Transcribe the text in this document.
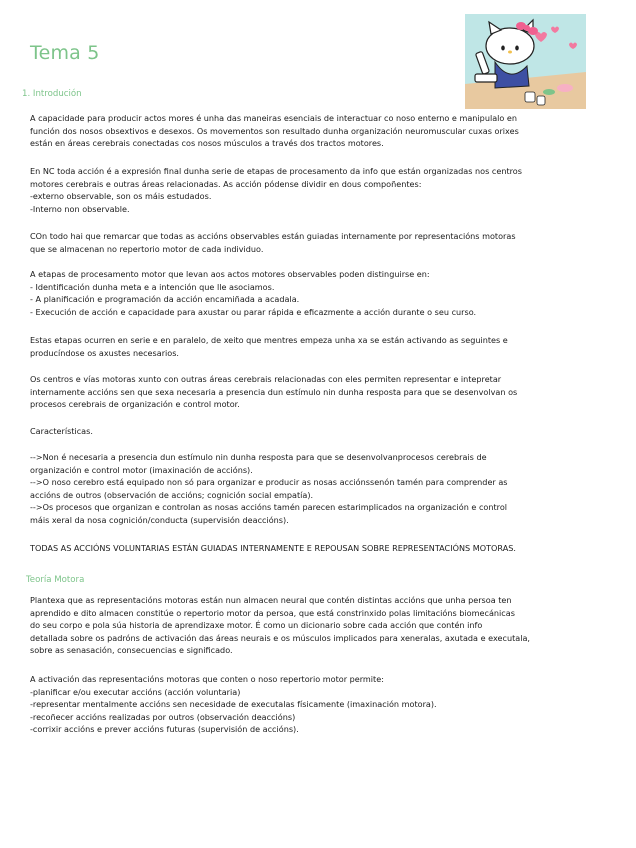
Tema 5
1. Introdución
A capacidade para producir actos mores é unha das maneiras esenciais de interactuar co noso enterno e manipulalo en
función dos nosos obsextivos e desexos. Os movementos son resultado dunha organización neuromuscular cuxas orixes
están en áreas cerebrais conectadas cos nosos músculos a través dos tractos motores.
En NC toda acción é a expresión final dunha serie de etapas de procesamento da info que están organizadas nos centros
motores cerebrais e outras áreas relacionadas. As acción pódense dividir en dous compoñentes:
-externo observable, son os máis estudados.
-Interno non observable.
COn todo hai que remarcar que todas as accións observables están guiadas internamente por representacións motoras
que se almacenan no repertorio motor de cada individuo.
A etapas de procesamento motor que levan aos actos motores observables poden distinguirse en:
- Identificación dunha meta e a intención que lle asociamos.
- A planificación e programación da acción encamiñada a acadala.
- Execución de acción e capacidade para axustar ou parar rápida e eficazmente a acción durante o seu curso.
Estas etapas ocurren en serie e en paralelo, de xeito que mentres empeza unha xa se están activando as seguintes e
producíndose os axustes necesarios.
Os centros e vías motoras xunto con outras áreas cerebrais relacionadas con eles permiten representar e intepretar
internamente accións sen que sexa necesaria a presencia dun estímulo nin dunha resposta para que se desenvolvan os
procesos cerebrais de organización e control motor.
Características.
-->Non é necesaria a presencia dun estímulo nin dunha resposta para que se desenvolvanprocesos cerebrais de
organización e control motor (imaxinación de accións).
-->O noso cerebro está equipado non só para organizar e producir as nosas acciónssenón tamén para comprender as
accións de outros (observación de accións; cognición social empatía).
-->Os procesos que organizan e controlan as nosas accións tamén parecen estarimplicados na organización e control
máis xeral da nosa cognición/conducta (supervisión deaccións).
TODAS AS ACCIÓNS VOLUNTARIAS ESTÁN GUIADAS INTERNAMENTE E REPOUSAN SOBRE REPRESENTACIÓNS MOTORAS.
Teoría Motora
Plantexa que as representacións motoras están nun almacen neural que contén distintas accións que unha persoa ten
aprendido e dito almacen constitúe o repertorio motor da persoa, que está constrinxido polas limitacións biomecánicas
do seu corpo e pola súa historia de aprendizaxe motor. É como un dicionario sobre cada acción que contén info
detallada sobre os padróns de activación das áreas neurais e os músculos implicados para xeneralas, axutada e executala,
sobre as senasación, consecuencias e significado.
A activación das representacións motoras que conten o noso repertorio motor permite:
-planificar e/ou executar accións (acción voluntaria)
-representar mentalmente accións sen necesidade de executalas físicamente (imaxinación motora).
-recoñecer accións realizadas por outros (observación deaccións)
-corrixir accións e prever accións futuras (supervisión de accións).
